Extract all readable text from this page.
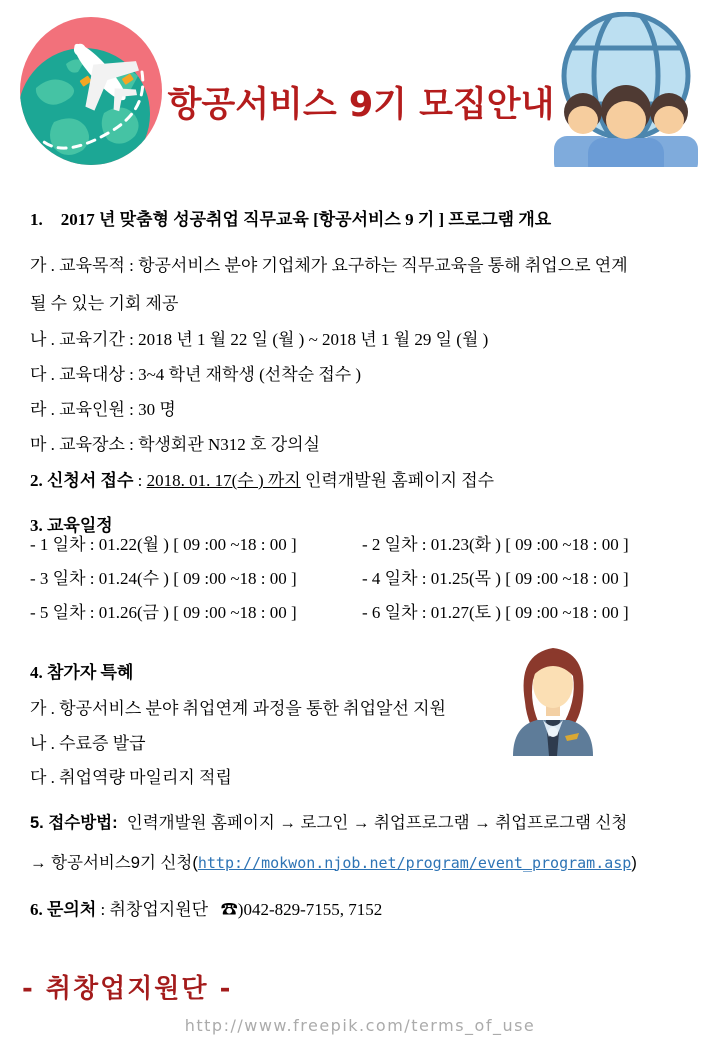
항공서비스 9기 모집안내

1. 2017 년 맞춤형 성공취업 직무교육 [항공서비스 9 기 ] 프로그램 개요

가 . 교육목적 : 항공서비스 분야 기업체가 요구하는 직무교육을 통해 취업으로 연계

될 수 있는 기회 제공

나 . 교육기간 : 2018 년 1 월 22 일 (월 ) ~ 2018 년 1 월 29 일 (월 )

다 . 교육대상 : 3~4 학년 재학생 (선착순 접수 )

라 . 교육인원 : 30 명

마 . 교육장소 : 학생회관 N312 호 강의실

2. 신청서 접수 : 2018. 01. 17(수 ) 까지 인력개발원 홈페이지 접수

3. 교육일정

- 1 일차 : 01.22(월 ) [ 09 :00 ~18 : 00 ]	- 2 일차 : 01.23(화 ) [ 09 :00 ~18 : 00 ]
- 3 일차 : 01.24(수 ) [ 09 :00 ~18 : 00 ]	- 4 일차 : 01.25(목 ) [ 09 :00 ~18 : 00 ]
- 5 일차 : 01.26(금 ) [ 09 :00 ~18 : 00 ]	- 6 일차 : 01.27(토 ) [ 09 :00 ~18 : 00 ]

4. 참가자 특혜

가 . 항공서비스 분야 취업연계 과정을 통한 취업알선 지원

나 . 수료증 발급

다 . 취업역량 마일리지 적립

5. 접수방법:  인력개발원 홈페이지 → 로그인 → 취업프로그램 → 취업프로그램 신청

→ 항공서비스9기 신청(http://mokwon.njob.net/program/event_program.asp)

6. 문의처 : 취창업지원단   ☎)042-829-7155, 7152

- 취창업지원단 -

http://www.freepik.com/terms_of_use
